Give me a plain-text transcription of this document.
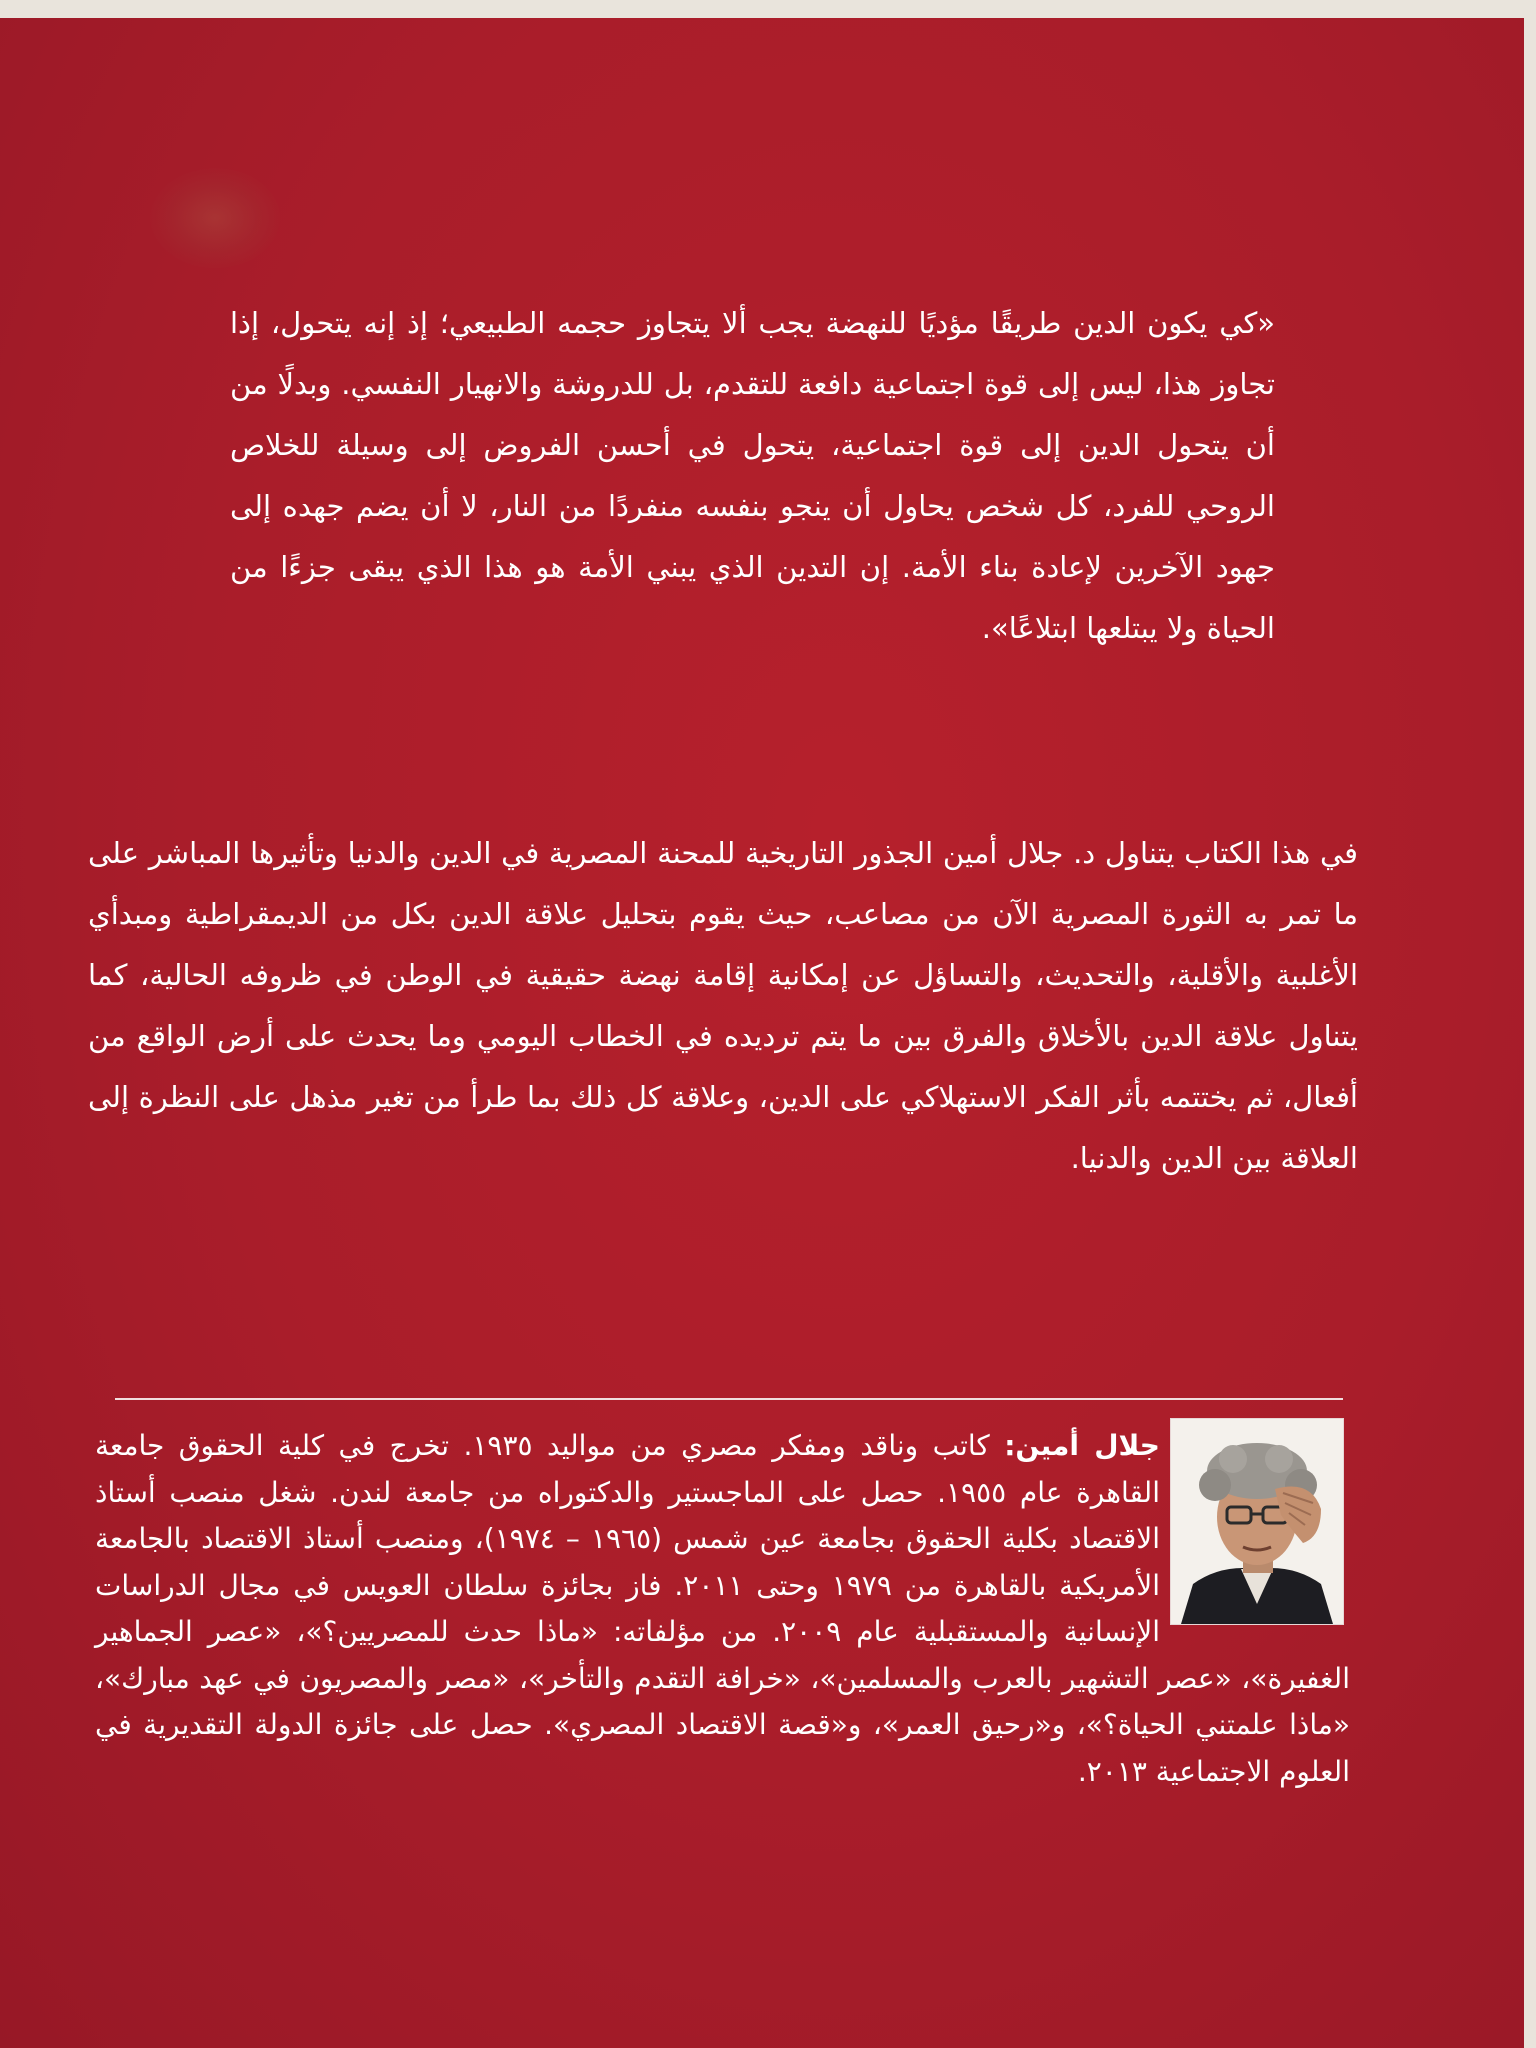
«كي يكون الدين طريقًا مؤديًا للنهضة يجب ألا يتجاوز حجمه الطبيعي؛ إذ إنه يتحول، إذا تجاوز هذا، ليس إلى قوة اجتماعية دافعة للتقدم، بل للدروشة والانهيار النفسي. وبدلًا من أن يتحول الدين إلى قوة اجتماعية، يتحول في أحسن الفروض إلى وسيلة للخلاص الروحي للفرد، كل شخص يحاول أن ينجو بنفسه منفردًا من النار، لا أن يضم جهده إلى جهود الآخرين لإعادة بناء الأمة. إن التدين الذي يبني الأمة هو هذا الذي يبقى جزءًا من الحياة ولا يبتلعها ابتلاعًا».

في هذا الكتاب يتناول د. جلال أمين الجذور التاريخية للمحنة المصرية في الدين والدنيا وتأثيرها المباشر على ما تمر به الثورة المصرية الآن من مصاعب، حيث يقوم بتحليل علاقة الدين بكل من الديمقراطية ومبدأي الأغلبية والأقلية، والتحديث، والتساؤل عن إمكانية إقامة نهضة حقيقية في الوطن في ظروفه الحالية، كما يتناول علاقة الدين بالأخلاق والفرق بين ما يتم ترديده في الخطاب اليومي وما يحدث على أرض الواقع من أفعال، ثم يختتمه بأثر الفكر الاستهلاكي على الدين، وعلاقة كل ذلك بما طرأ من تغير مذهل على النظرة إلى العلاقة بين الدين والدنيا.

جلال أمين: كاتب وناقد ومفكر مصري من مواليد ١٩٣٥. تخرج في كلية الحقوق جامعة القاهرة عام ١٩٥٥. حصل على الماجستير والدكتوراه من جامعة لندن. شغل منصب أستاذ الاقتصاد بكلية الحقوق بجامعة عين شمس (١٩٦٥ – ١٩٧٤)، ومنصب أستاذ الاقتصاد بالجامعة الأمريكية بالقاهرة من ١٩٧٩ وحتى ٢٠١١. فاز بجائزة سلطان العويس في مجال الدراسات الإنسانية والمستقبلية عام ٢٠٠٩. من مؤلفاته: «ماذا حدث للمصريين؟»، «عصر الجماهير الغفيرة»، «عصر التشهير بالعرب والمسلمين»، «خرافة التقدم والتأخر»، «مصر والمصريون في عهد مبارك»، «ماذا علمتني الحياة؟»، و«رحيق العمر»، و«قصة الاقتصاد المصري». حصل على جائزة الدولة التقديرية في العلوم الاجتماعية ٢٠١٣.
